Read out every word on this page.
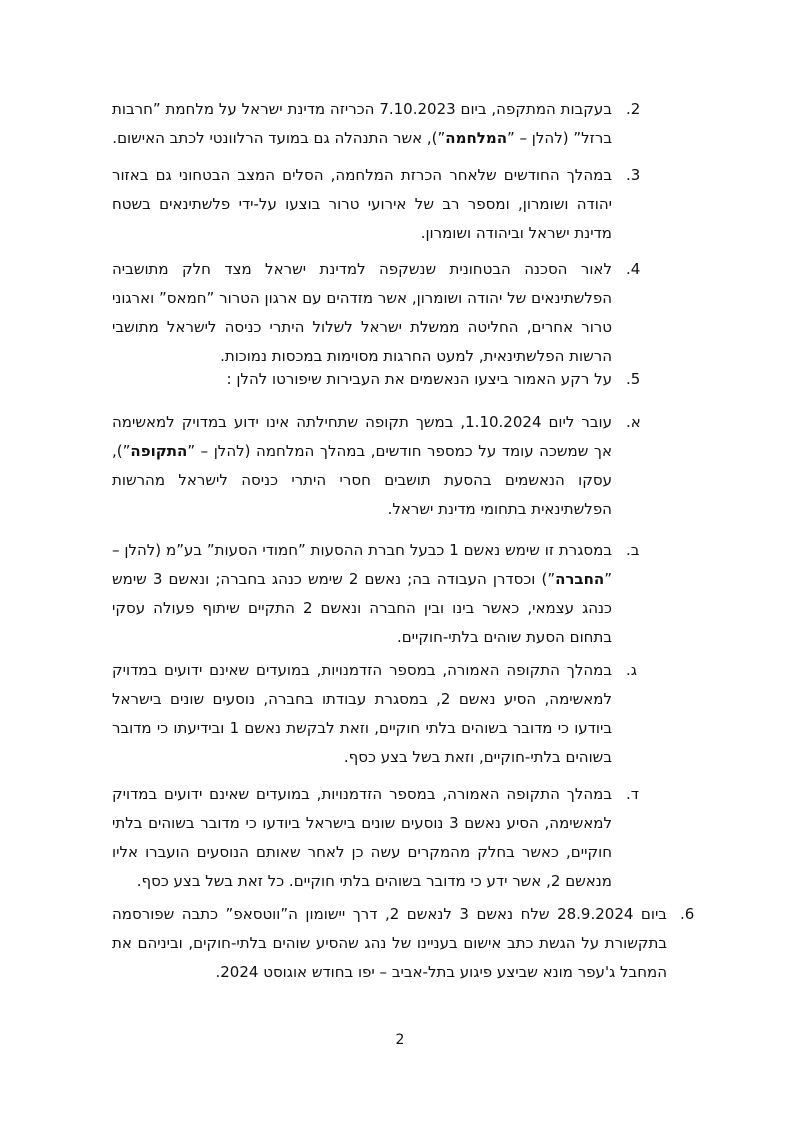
.2

בעקבות המתקפה, ביום 7.10.2023 הכריזה מדינת ישראל על מלחמת ”חרבות ברזל” (להלן – ”המלחמה”), אשר התנהלה גם במועד הרלוונטי לכתב האישום.

.3

במהלך החודשים שלאחר הכרזת המלחמה, הסלים המצב הבטחוני גם באזור יהודה ושומרון, ומספר רב של אירועי טרור בוצעו על-ידי פלשתינאים בשטח מדינת ישראל וביהודה ושומרון.

.4

לאור הסכנה הבטחונית שנשקפה למדינת ישראל מצד חלק מתושביה הפלשתינאים של יהודה ושומרון, אשר מזדהים עם ארגון הטרור ”חמאס” וארגוני טרור אחרים, החליטה ממשלת ישראל לשלול היתרי כניסה לישראל מתושבי הרשות הפלשתינאית, למעט החרגות מסוימות במכסות נמוכות.

.5

על רקע האמור ביצעו הנאשמים את העבירות שיפורטו להלן :

.א

עובר ליום 1.10.2024, במשך תקופה שתחילתה אינו ידוע במדויק למאשימה אך שמשכה עומד על כמספר חודשים, במהלך המלחמה (להלן – ”התקופה”), עסקו הנאשמים בהסעת תושבים חסרי היתרי כניסה לישראל מהרשות הפלשתינאית בתחומי מדינת ישראל.

.ב

במסגרת זו שימש נאשם 1 כבעל חברת ההסעות ”חמודי הסעות” בע”מ (להלן – ”החברה”) וכסדרן העבודה בה; נאשם 2 שימש כנהג בחברה; ונאשם 3 שימש כנהג עצמאי, כאשר בינו ובין החברה ונאשם 2 התקיים שיתוף פעולה עסקי בתחום הסעת שוהים בלתי-חוקיים.

.ג

במהלך התקופה האמורה, במספר הזדמנויות, במועדים שאינם ידועים במדויק למאשימה, הסיע נאשם 2, במסגרת עבודתו בחברה, נוסעים שונים בישראל ביודעו כי מדובר בשוהים בלתי חוקיים, וזאת לבקשת נאשם 1 ובידיעתו כי מדובר בשוהים בלתי-חוקיים, וזאת בשל בצע כסף.

.ד

במהלך התקופה האמורה, במספר הזדמנויות, במועדים שאינם ידועים במדויק למאשימה, הסיע נאשם 3 נוסעים שונים בישראל ביודעו כי מדובר בשוהים בלתי חוקיים, כאשר בחלק מהמקרים עשה כן לאחר שאותם הנוסעים הועברו אליו מנאשם 2, אשר ידע כי מדובר בשוהים בלתי חוקיים. כל זאת בשל בצע כסף.

.6

ביום 28.9.2024 שלח נאשם 3 לנאשם 2, דרך יישומון ה”ווטסאפ” כתבה שפורסמה בתקשורת על הגשת כתב אישום בעניינו של נהג שהסיע שוהים בלתי-חוקים, וביניהם את המחבל ג'עפר מונא שביצע פיגוע בתל-אביב – יפו בחודש אוגוסט 2024.

2
